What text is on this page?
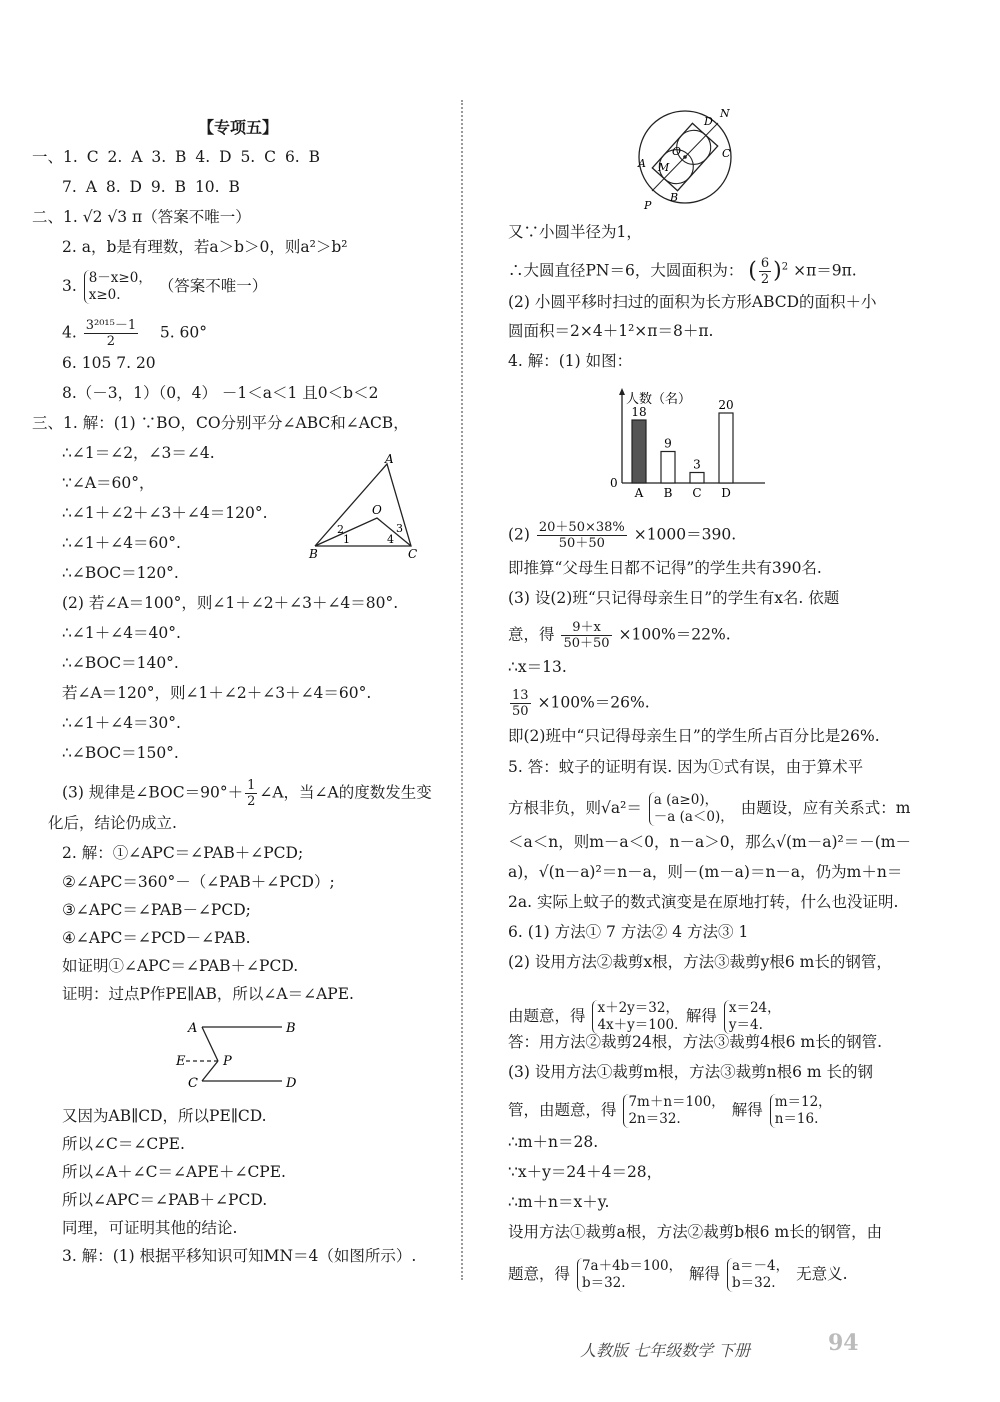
【专项五】
一、1. C 2. A 3. B 4. D 5. C 6. B
7. A 8. D 9. B 10. B
二、1. √2 √3 π（答案不唯一）
2. a，b是有理数，若a＞b＞0，则a²＞b²
3. 8－x≥0，
x≥0.	（答案不唯一）
4. $\frac{\text{3²⁰¹⁵－1}}{2} 5$. 60°
6. 105 7. 20
8.（－3，1）（0，4） －1＜a＜1 且0＜b＜2
三、1. 解：(1) ∵BO，CO分别平分∠ABC和∠ACB，
∴∠1＝∠2，∠3＝∠4.
∵∠A＝60°，
∴∠1＋∠2＋∠3＋∠4＝120°.
∴∠1＋∠4＝60°.
∴∠BOC＝120°.
(2) 若∠A＝100°，则∠1＋∠2＋∠3＋∠4＝80°.
∴∠1＋∠4＝40°.
∴∠BOC＝140°.
若∠A＝120°，则∠1＋∠2＋∠3＋∠4＝60°.
∴∠1＋∠4＝30°.
∴∠BOC＝150°.
(3) 规律是∠BOC＝90°＋ $\frac{1}{2}$ ∠A，当∠A的度数发生变
化后，结论仍成立.
2. 解：①∠APC＝∠PAB＋∠PCD;
②∠APC＝360°－（∠PAB＋∠PCD）;
③∠APC＝∠PAB－∠PCD;
④∠APC＝∠PCD－∠PAB.
如证明①∠APC＝∠PAB＋∠PCD.
证明：过点P作PE∥AB，所以∠A＝∠APE.
又因为AB∥CD，所以PE∥CD.
所以∠C＝∠CPE.
所以∠A＋∠C＝∠APE＋∠CPE.
所以∠APC＝∠PAB＋∠PCD.
同理，可证明其他的结论.
3. 解：(1) 根据平移知识可知MN＝4（如图所示）.
A
O
B	C
1
2	3
4
A	B
E	P
C	D
N
D
C
O
A M
P
B
又∵小圆半径为1，
∴大圆直径PN＝6，大圆面积为： ( $\frac{6}{2} )^2 \times\pi=9\pi$.
(2) 小圆平移时扫过的面积为长方形ABCD的面积＋小
圆面积＝2×4＋1²×π＝8＋π.
4. 解：(1) 如图：
人数（名）
0
18
A
9
B
3
C
20
D
$(2) \frac{20+50\times 38\%}{50+50} \times 1000=390$.
即推算“父母生日都不记得”的学生共有390名.
(3) 设(2)班“只记得母亲生日”的学生有x名. 依题
意，得 $\frac{9+x}{50+50} \times 100\%=22\%$.
∴x＝13.
$\frac{13}{50} \times 100\%=26\%$.
即(2)班中“只记得母亲生日”的学生所占百分比是26%.
5. 答：蚊子的证明有误. 因为①式有误，由于算术平
方根非负，则√a²＝ a (a≥0)，
－a (a＜0)， 由题设，应有关系式：m
＜a＜n，则m－a＜0，n－a＞0，那么√(m－a)²＝－(m－
a)，√(n－a)²＝n－a，则－(m－a)＝n－a，仍为m＋n＝
2a. 实际上蚊子的数式演变是在原地打转，什么也没证明.
6. (1) 方法① 7 方法② 4 方法③ 1
(2) 设用方法②裁剪x根，方法③裁剪y根6 m长的钢管，
由题意，得 x＋2y＝32，
4x＋y＝100. 解得 x＝24，
y＝4.
答：用方法②裁剪24根，方法③裁剪4根6 m长的钢管.
(3) 设用方法①裁剪m根，方法③裁剪n根6 m 长的钢
管，由题意，得 7m＋n＝100，
2n＝32.	解得 m＝12，
n＝16.
∴m＋n＝28.
∵x＋y＝24＋4＝28，
∴m＋n＝x＋y.
设用方法①裁剪a根，方法②裁剪b根6 m长的钢管，由
题意，得 7a＋4b＝100，
b＝32.	解得 a＝－4，
b＝32.	无意义.
人教版 七年级数学 下册	94
